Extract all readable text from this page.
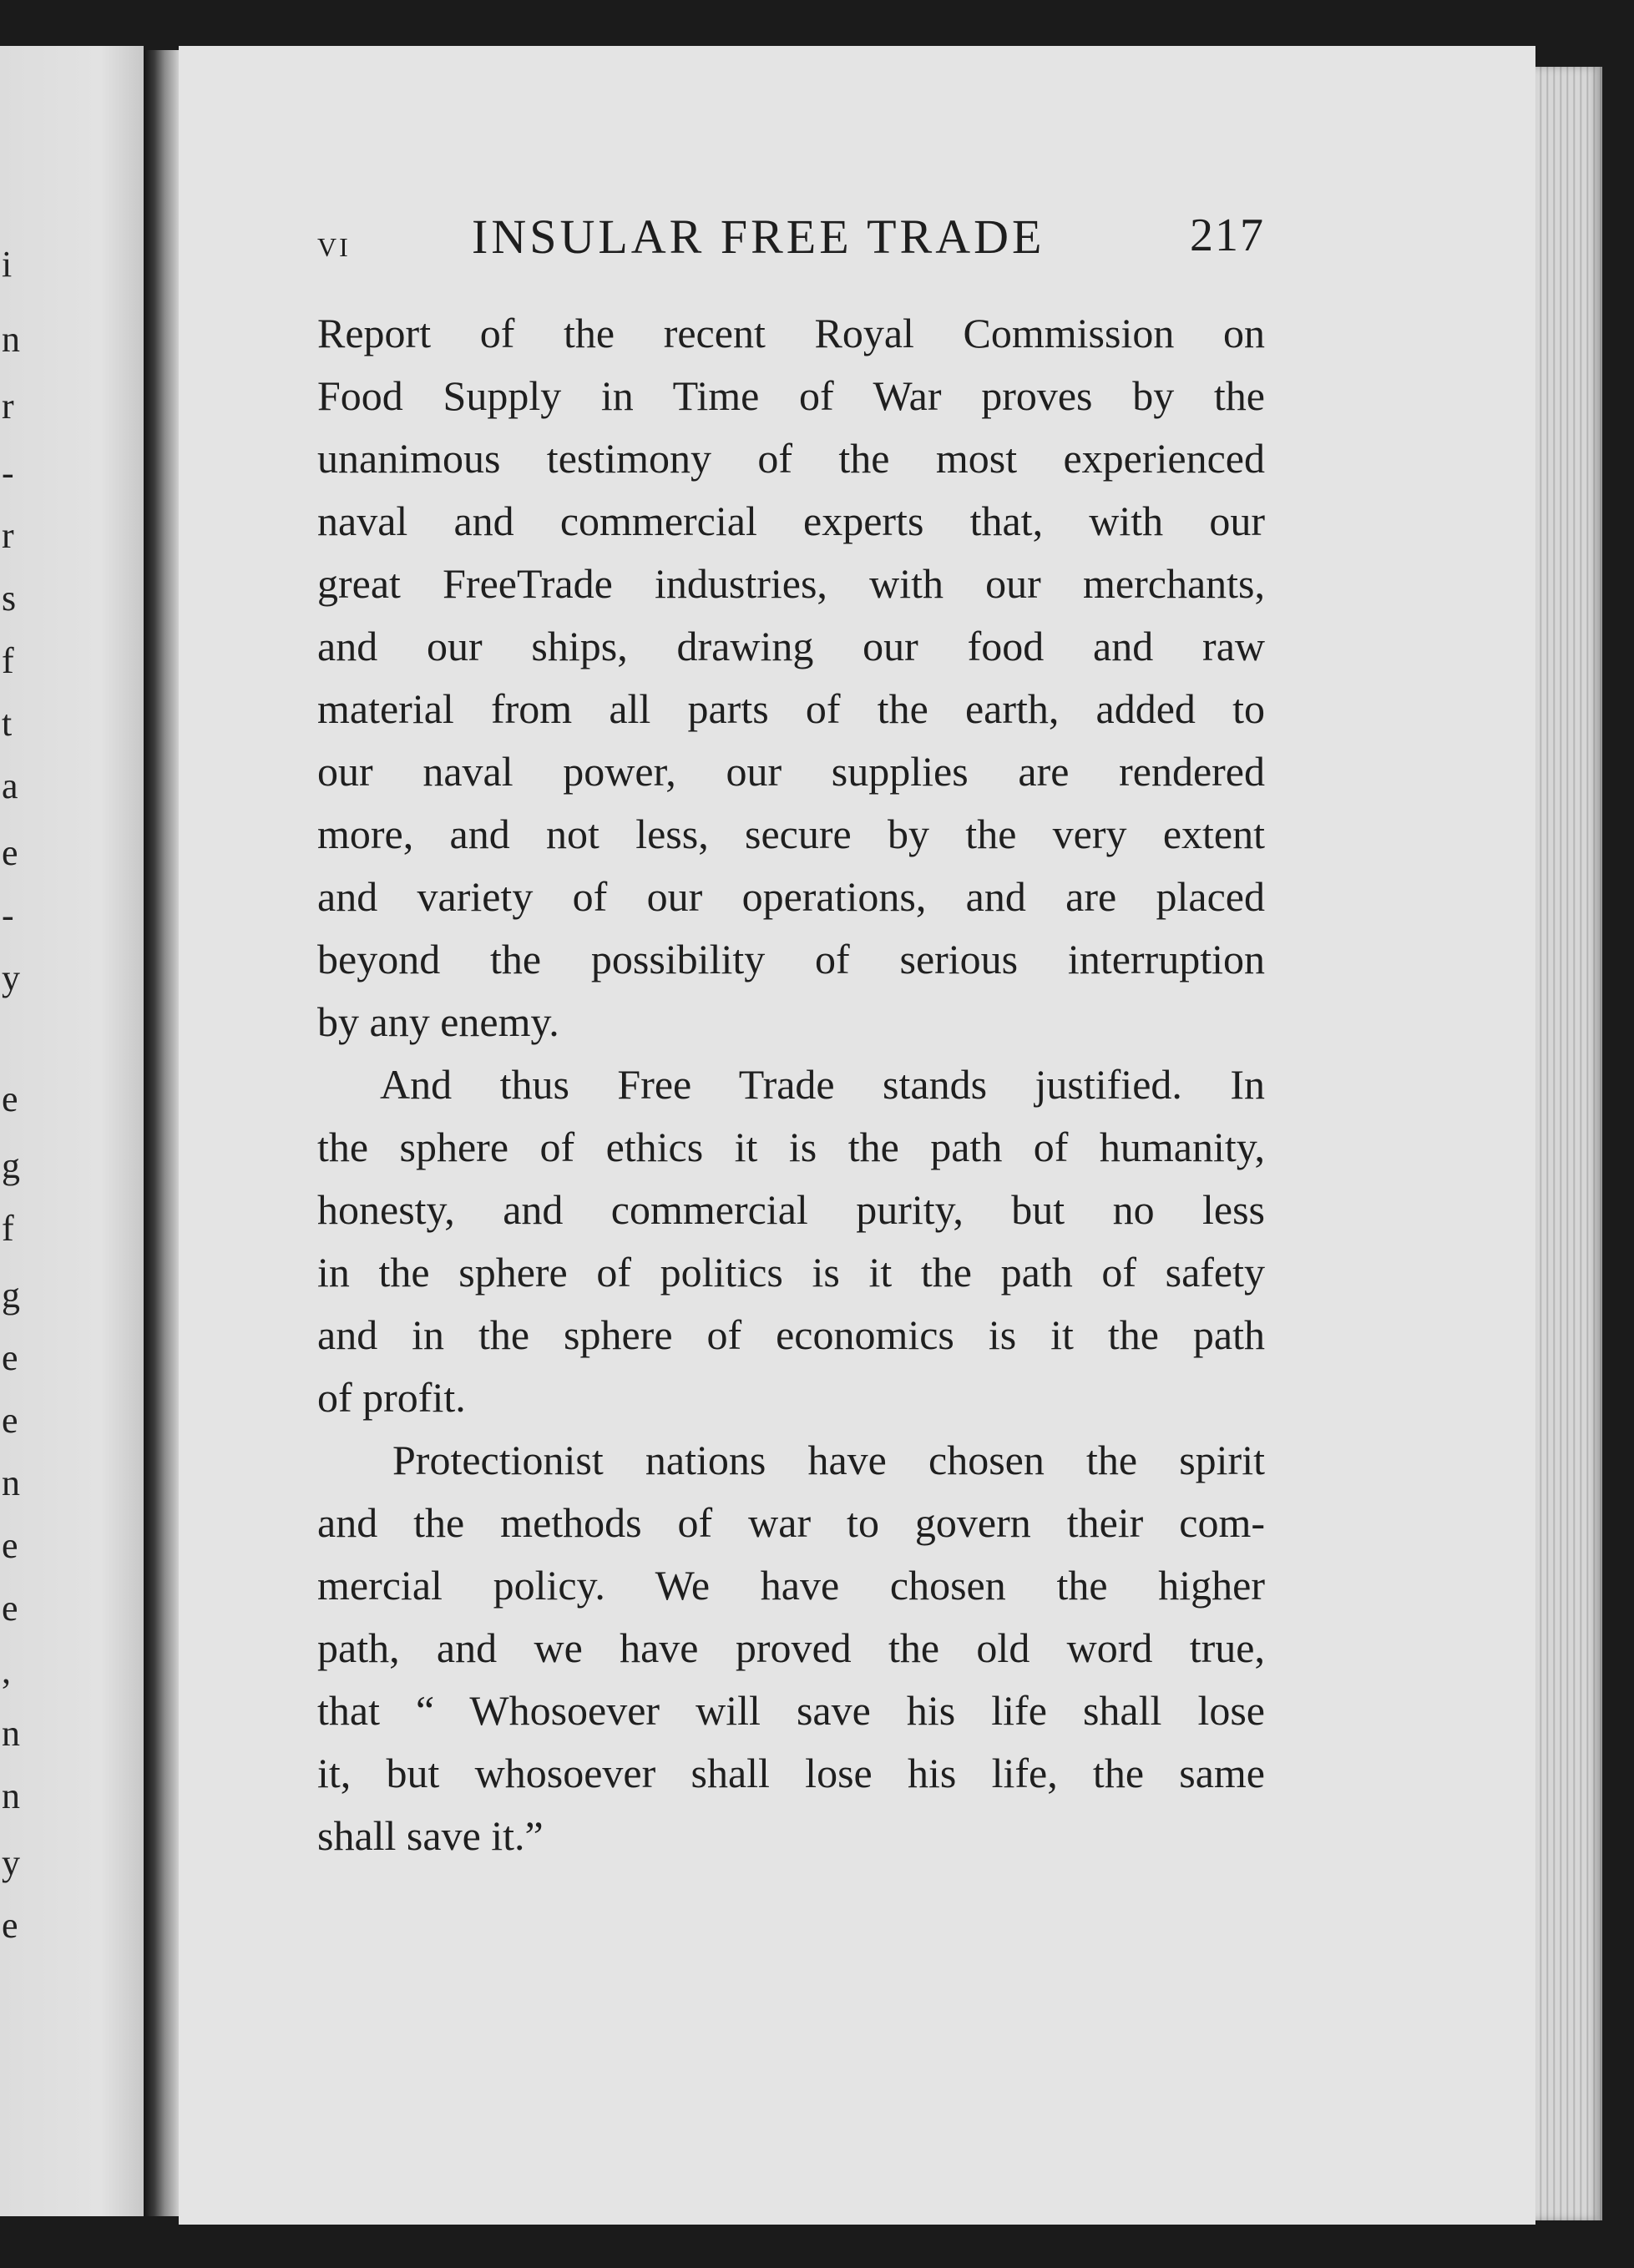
i
n
r
-
r
s
f
t
a
e
-
y
e
g
f
g
e
e
n
e
e
,
n
n
y
e
VI	INSULAR FREE TRADE	217
Report of the recent Royal Commission on
Food Supply in Time of War proves by the
unanimous testimony of the most experienced
naval and commercial experts that, with our
great FreeTrade industries, with our merchants,
and our ships, drawing our food and raw
material from all parts of the earth, added to
our naval power, our supplies are rendered
more, and not less, secure by the very extent
and variety of our operations, and are placed
beyond the possibility of serious interruption
by any enemy.
And thus Free Trade stands justified. In
the sphere of ethics it is the path of humanity,
honesty, and commercial purity, but no less
in the sphere of politics is it the path of safety
and in the sphere of economics is it the path
of profit.
Protectionist nations have chosen the spirit
and the methods of war to govern their com-
mercial policy. We have chosen the higher
path, and we have proved the old word true,
that “ Whosoever will save his life shall lose
it, but whosoever shall lose his life, the same
shall save it.”
